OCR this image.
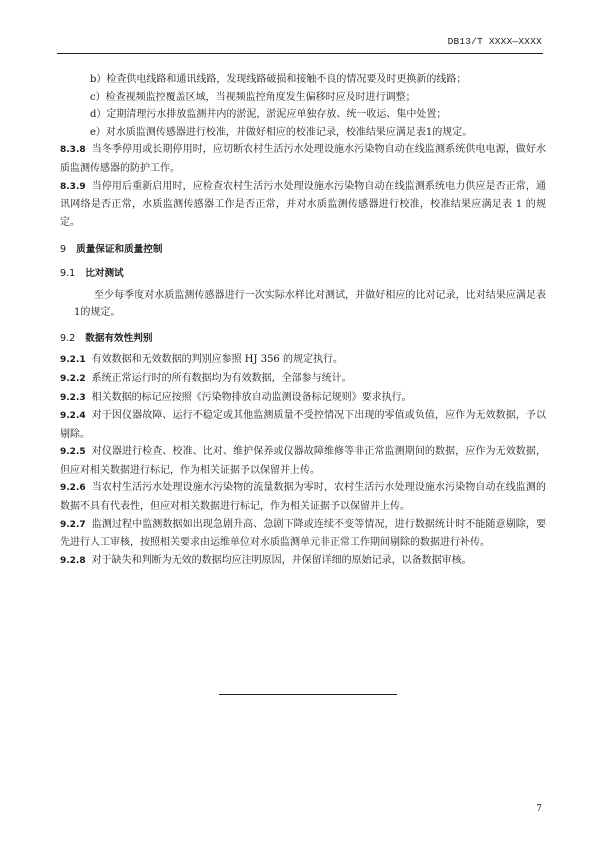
DB13/T XXXX—XXXX

b）检查供电线路和通讯线路，发现线路破损和接触不良的情况要及时更换新的线路；

c）检查视频监控覆盖区域，当视频监控角度发生偏移时应及时进行调整；

d）定期清理污水排放监测井内的淤泥，淤泥应单独存放、统一收运、集中处置；

e）对水质监测传感器进行校准，并做好相应的校准记录，校准结果应满足表1的规定。

8.3.8 当冬季停用或长期停用时，应切断农村生活污水处理设施水污染物自动在线监测系统供电电源，做好水质监测传感器的防护工作。

8.3.9 当停用后重新启用时，应检查农村生活污水处理设施水污染物自动在线监测系统电力供应是否正常，通讯网络是否正常，水质监测传感器工作是否正常，并对水质监测传感器进行校准，校准结果应满足表 1 的规定。

9 质量保证和质量控制
9.1 比对测试

至少每季度对水质监测传感器进行一次实际水样比对测试，并做好相应的比对记录，比对结果应满足表1的规定。

9.2 数据有效性判别

9.2.1 有效数据和无效数据的判别应参照 HJ 356 的规定执行。

9.2.2 系统正常运行时的所有数据均为有效数据，全部参与统计。

9.2.3 相关数据的标记应按照《污染物排放自动监测设备标记规则》要求执行。

9.2.4 对于因仪器故障、运行不稳定或其他监测质量不受控情况下出现的零值或负值，应作为无效数据，予以剔除。

9.2.5 对仪器进行检查、校准、比对、维护保养或仪器故障维修等非正常监测期间的数据，应作为无效数据，但应对相关数据进行标记，作为相关证据予以保留并上传。

9.2.6 当农村生活污水处理设施水污染物的流量数据为零时，农村生活污水处理设施水污染物自动在线监测的数据不具有代表性，但应对相关数据进行标记，作为相关证据予以保留并上传。

9.2.7 监测过程中监测数据如出现急剧升高、急剧下降或连续不变等情况，进行数据统计时不能随意剔除，要先进行人工审核，按照相关要求由运维单位对水质监测单元非正常工作期间剔除的数据进行补传。

9.2.8 对于缺失和判断为无效的数据均应注明原因，并保留详细的原始记录，以备数据审核。

7
